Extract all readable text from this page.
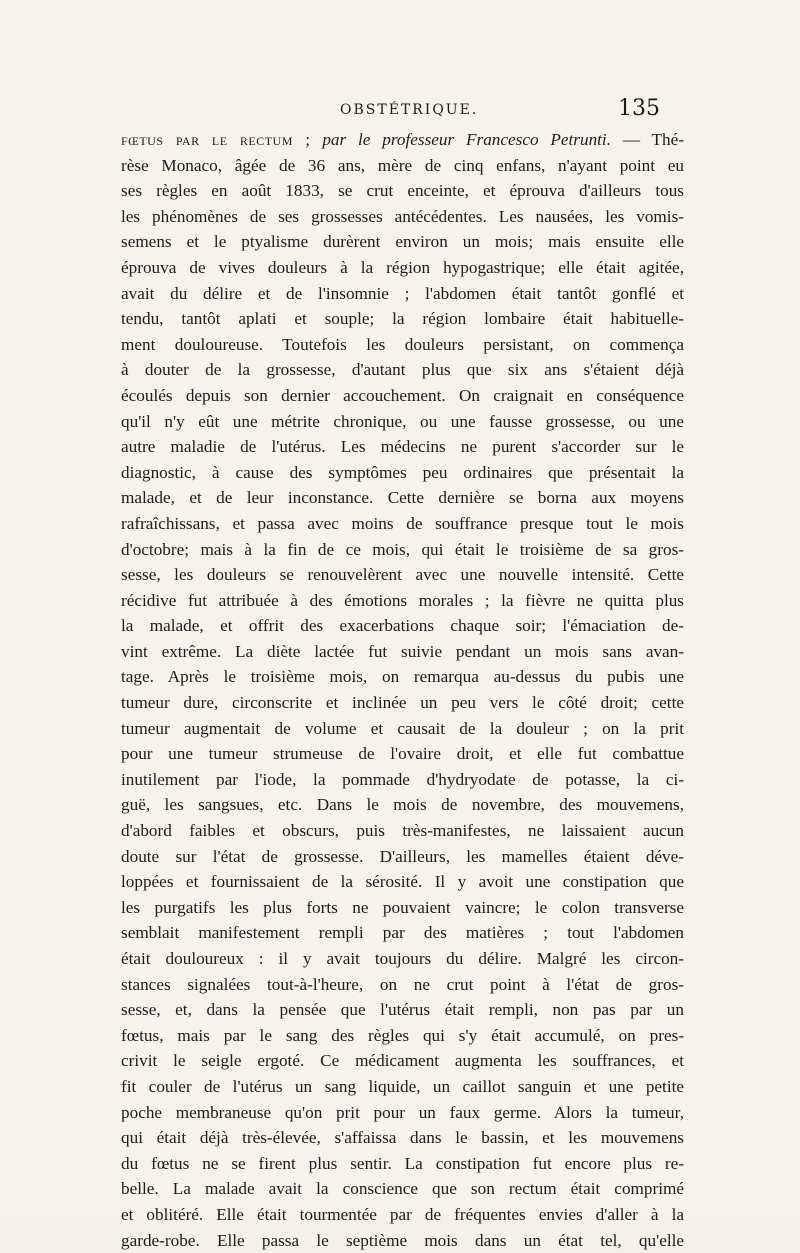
OBSTÉTRIQUE.	135
fœtus par le rectum ; par le professeur Francesco Petrunti. — Thé-
rèse Monaco, âgée de 36 ans, mère de cinq enfans, n'ayant point eu
ses règles en août 1833, se crut enceinte, et éprouva d'ailleurs tous
les phénomènes de ses grossesses antécédentes. Les nausées, les vomis-
semens et le ptyalisme durèrent environ un mois; mais ensuite elle
éprouva de vives douleurs à la région hypogastrique; elle était agitée,
avait du délire et de l'insomnie ; l'abdomen était tantôt gonflé et
tendu, tantôt aplati et souple; la région lombaire était habituelle-
ment douloureuse. Toutefois les douleurs persistant, on commença
à douter de la grossesse, d'autant plus que six ans s'étaient déjà
écoulés depuis son dernier accouchement. On craignait en conséquence
qu'il n'y eût une métrite chronique, ou une fausse grossesse, ou une
autre maladie de l'utérus. Les médecins ne purent s'accorder sur le
diagnostic, à cause des symptômes peu ordinaires que présentait la
malade, et de leur inconstance. Cette dernière se borna aux moyens
rafraîchissans, et passa avec moins de souffrance presque tout le mois
d'octobre; mais à la fin de ce mois, qui était le troisième de sa gros-
sesse, les douleurs se renouvelèrent avec une nouvelle intensité. Cette
récidive fut attribuée à des émotions morales ; la fièvre ne quitta plus
la malade, et offrit des exacerbations chaque soir; l'émaciation de-
vint extrême. La diète lactée fut suivie pendant un mois sans avan-
tage. Après le troisième mois, on remarqua au-dessus du pubis une
tumeur dure, circonscrite et inclinée un peu vers le côté droit; cette
tumeur augmentait de volume et causait de la douleur ; on la prit
pour une tumeur strumeuse de l'ovaire droit, et elle fut combattue
inutilement par l'iode, la pommade d'hydryodate de potasse, la ci-
guë, les sangsues, etc. Dans le mois de novembre, des mouvemens,
d'abord faibles et obscurs, puis très-manifestes, ne laissaient aucun
doute sur l'état de grossesse. D'ailleurs, les mamelles étaient déve-
loppées et fournissaient de la sérosité. Il y avoit une constipation que
les purgatifs les plus forts ne pouvaient vaincre; le colon transverse
semblait manifestement rempli par des matières ; tout l'abdomen
était douloureux : il y avait toujours du délire. Malgré les circon-
stances signalées tout-à-l'heure, on ne crut point à l'état de gros-
sesse, et, dans la pensée que l'utérus était rempli, non pas par un
fœtus, mais par le sang des règles qui s'y était accumulé, on pres-
crivit le seigle ergoté. Ce médicament augmenta les souffrances, et
fit couler de l'utérus un sang liquide, un caillot sanguin et une petite
poche membraneuse qu'on prit pour un faux germe. Alors la tumeur,
qui était déjà très-élevée, s'affaissa dans le bassin, et les mouvemens
du fœtus ne se firent plus sentir. La constipation fut encore plus re-
belle. La malade avait la conscience que son rectum était comprimé
et oblitéré. Elle était tourmentée par de fréquentes envies d'aller à la
garde-robe. Elle passa le septième mois dans un état tel, qu'elle
